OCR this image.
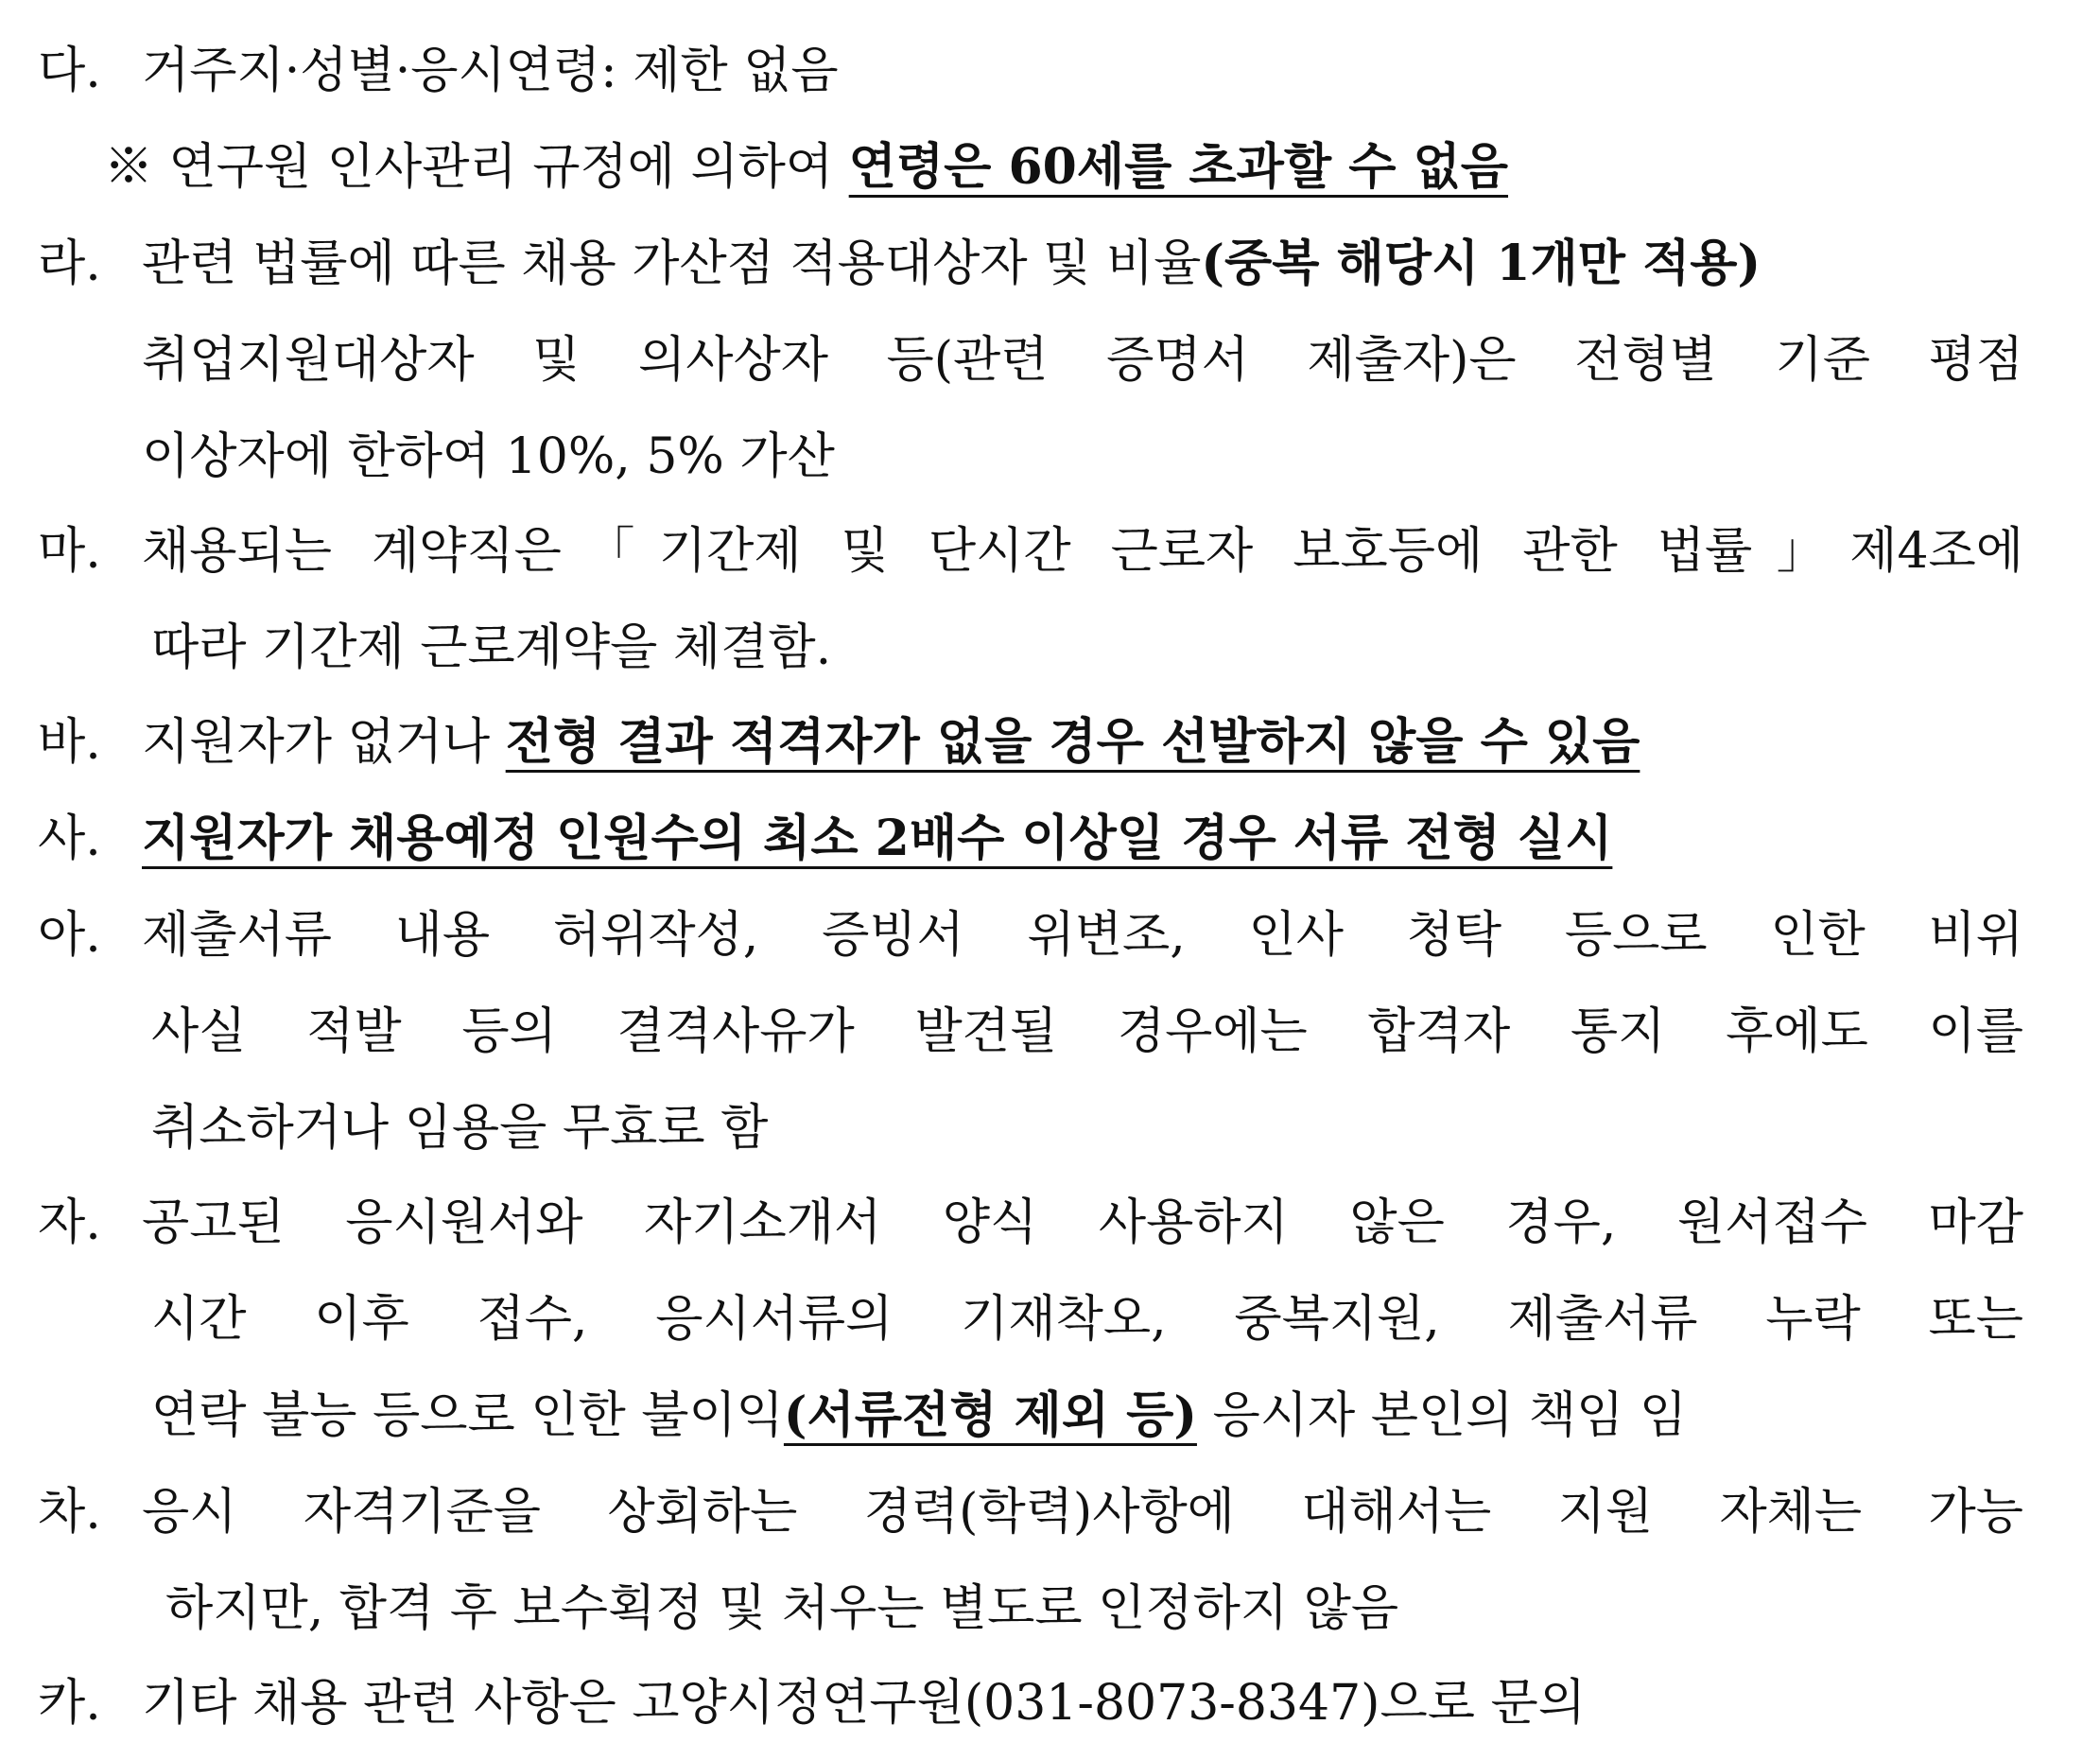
다. 거주지·성별·응시연령: 제한 없음
※ 연구원 인사관리 규정에 의하여 연령은 60세를 초과할 수 없음
라. 관련 법률에 따른 채용 가산점 적용대상자 및 비율(중복 해당시 1개만 적용)
취업지원대상자 및 의사상자 등(관련 증명서 제출자)은 전형별 기준 평점
이상자에 한하여 10%, 5% 가산
마. 채용되는 계약직은「기간제 및 단시간 근로자 보호등에 관한 법률」제4조에
따라 기간제 근로계약을 체결함.
바. 지원자가 없거나 전형 결과 적격자가 없을 경우 선발하지 않을 수 있음
사. 지원자가 채용예정 인원수의 최소 2배수 이상일 경우 서류 전형 실시
아. 제출서류 내용 허위작성, 증빙서 위변조, 인사 청탁 등으로 인한 비위
사실 적발 등의 결격사유가 발견될 경우에는 합격자 통지 후에도 이를
취소하거나 임용을 무효로 함
자. 공고된 응시원서와 자기소개서 양식 사용하지 않은 경우, 원서접수 마감
시간 이후 접수, 응시서류의 기재착오, 중복지원, 제출서류 누락 또는
연락 불능 등으로 인한 불이익(서류전형 제외 등) 응시자 본인의 책임 임
차. 응시 자격기준을 상회하는 경력(학력)사항에 대해서는 지원 자체는 가능
하지만, 합격 후 보수획정 및 처우는 별도로 인정하지 않음
카. 기타 채용 관련 사항은 고양시정연구원(031-8073-8347)으로 문의
